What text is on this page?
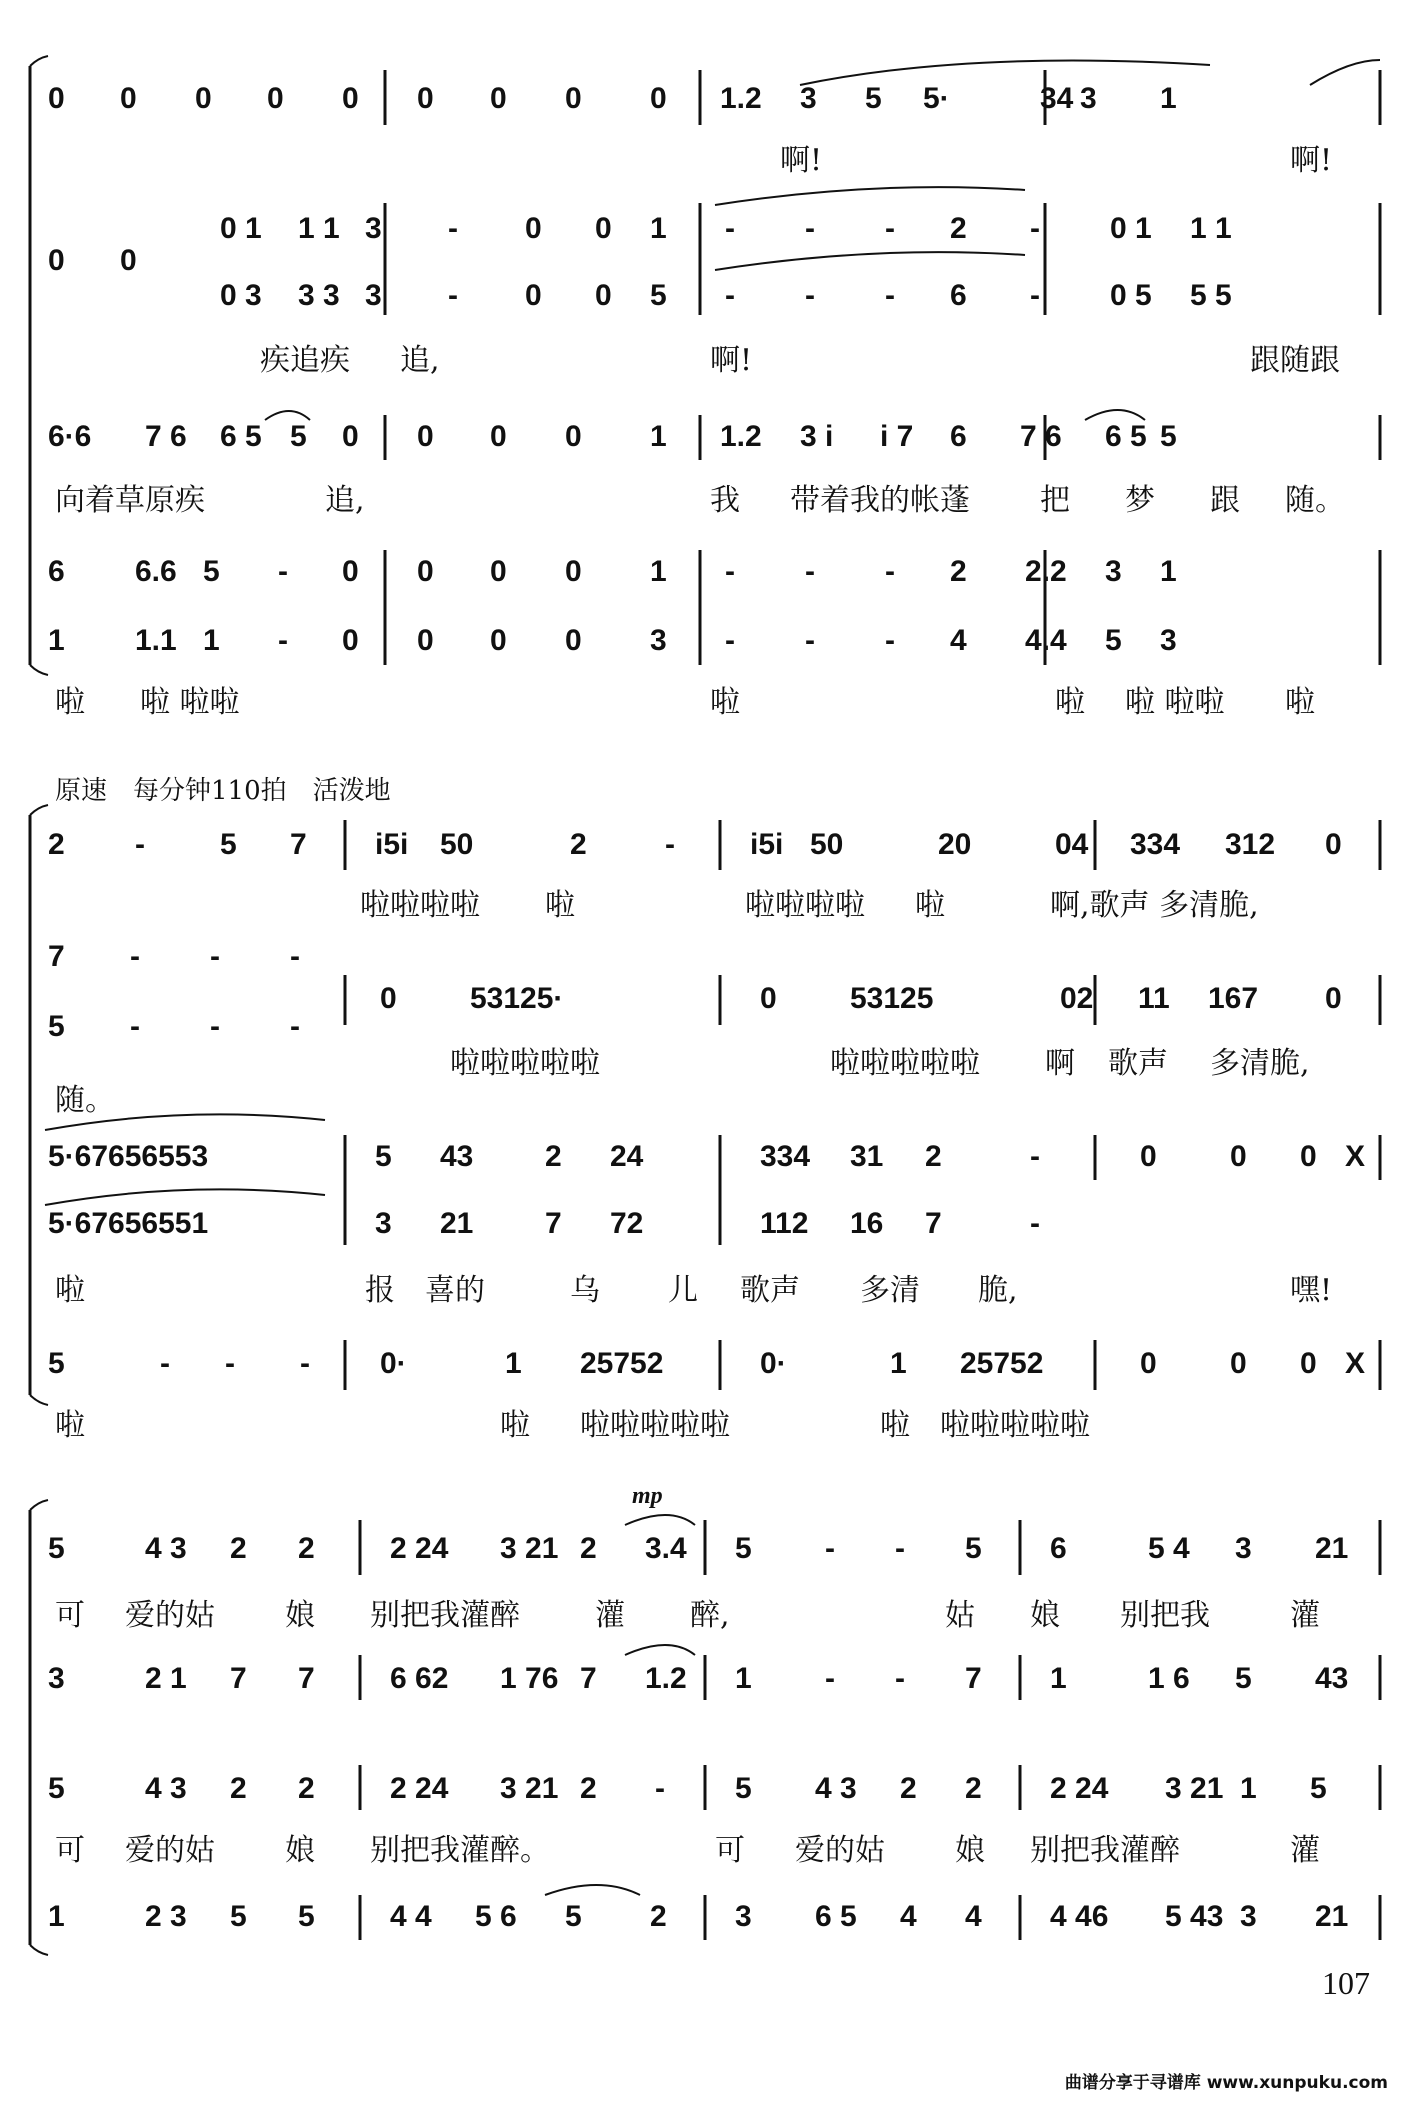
0 0 0 0 0 0 0 0 0 1.2 3 5 5·	34 3 1
0 0
0 1 1 1 3 - 0 0 1 - - - 2 - 0 1 1 1
0 3 3 3 3 - 0 0 5 - - - 6 - 0 5 5 5
6·6 7 6 6 5 5 0 0 0 0 1 1.2 3 i i 7 6 7 6 6 5 5
6 6.6 5 - 0 0 0 0 1 - - - 2 2.2 3 1
1 1.1 1 - 0 0 0 0 3 - - - 4 4.4 5 3
2 -	5 7 i5i 50	2	-	i5i 50	20	04 334 312 0
7 - - -
5 - - -
0 53125·	0 53125	02 11 167 0
5·67656553	5 43 2 24	334 31 2	-	0 0 0 X
5·67656551	3 21 7 72	112 16 7	-
5	- - - 0·	1 25752	0·	1 25752	0 0 0 X
5	4 3 2 2	2 24 3 21 2 3.4 5 - - 5 6	5 4 3 21
3	2 1 7 7	6 62 1 76 7 1.2 1 - - 7 1	1 6 5 43
5	4 3 2 2	2 24 3 21 2 - 5 4 3 2 2 2 24 3 21 1 5
1	2 3 5 5	4 4 5 6 5 2 3 6 5 4 4 4 46 5 43 3 21
啊!	啊!
疾追疾 追,	啊!	跟随跟
向着草原疾	追,	我 带着我的帐蓬 把 梦 跟 随。
啦 啦 啦啦	啦	啦 啦 啦啦 啦
啦啦啦啦 啦	啦啦啦啦 啦	啊,歌声 多清脆,
啦啦啦啦啦	啦啦啦啦啦 啊 歌声 多清脆,
随。
啦	报 喜的	乌 儿 歌声 多清 脆,	嘿!
啦	啦 啦啦啦啦啦	啦 啦啦啦啦啦
可 爱的姑 娘 别把我灌醉	灌 醉,	姑 娘 别把我	灌
可 爱的姑 娘 别把我灌醉。	可 爱的姑 娘 别把我灌醉	灌
原速　每分钟110拍　活泼地
mp
107
曲谱分享于寻谱库 www.xunpuku.com
